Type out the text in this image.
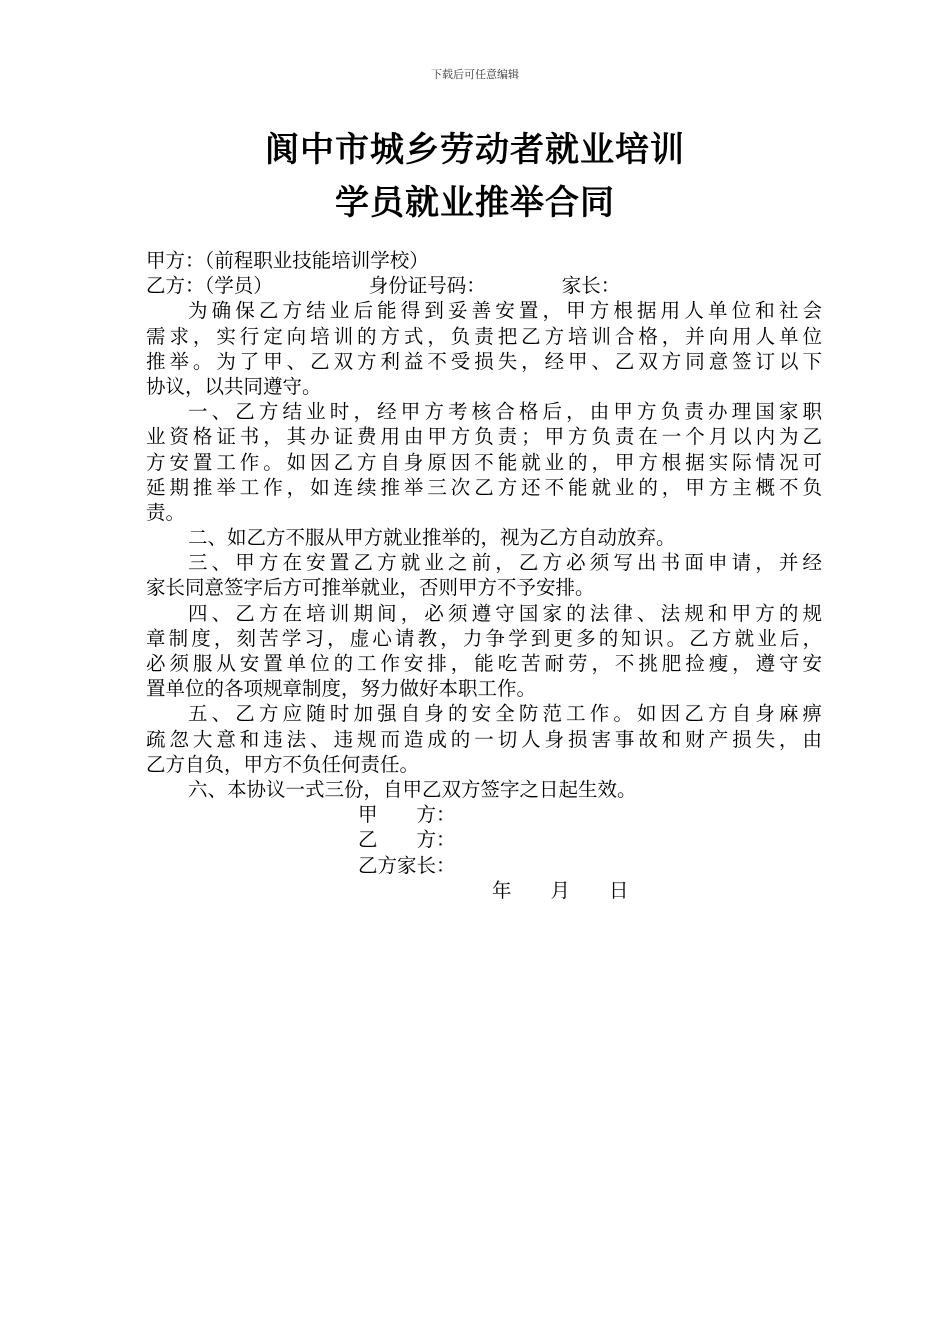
下载后可任意编辑
阆中市城乡劳动者就业培训
学员就业推举合同
甲方：（前程职业技能培训学校）
乙方：（学员）	身份证号码：	家长：
为确保乙方结业后能得到妥善安置，甲方根据用人单位和社会
需求，实行定向培训的方式，负责把乙方培训合格，并向用人单位
推举。为了甲、乙双方利益不受损失，经甲、乙双方同意签订以下
协议，以共同遵守。
一、乙方结业时，经甲方考核合格后，由甲方负责办理国家职
业资格证书，其办证费用由甲方负责；甲方负责在一个月以内为乙
方安置工作。如因乙方自身原因不能就业的，甲方根据实际情况可
延期推举工作，如连续推举三次乙方还不能就业的，甲方主概不负
责。
二、如乙方不服从甲方就业推举的，视为乙方自动放弃。
三、甲方在安置乙方就业之前，乙方必须写出书面申请，并经
家长同意签字后方可推举就业，否则甲方不予安排。
四、乙方在培训期间，必须遵守国家的法律、法规和甲方的规
章制度，刻苦学习，虚心请教，力争学到更多的知识。乙方就业后，
必须服从安置单位的工作安排，能吃苦耐劳，不挑肥捡瘦，遵守安
置单位的各项规章制度，努力做好本职工作。
五、乙方应随时加强自身的安全防范工作。如因乙方自身麻痹
疏忽大意和违法、违规而造成的一切人身损害事故和财产损失，由
乙方自负，甲方不负任何责任。
六、本协议一式三份，自甲乙双方签字之日起生效。
甲　　方：
乙　　方：
乙方家长：
年　　月　　日
